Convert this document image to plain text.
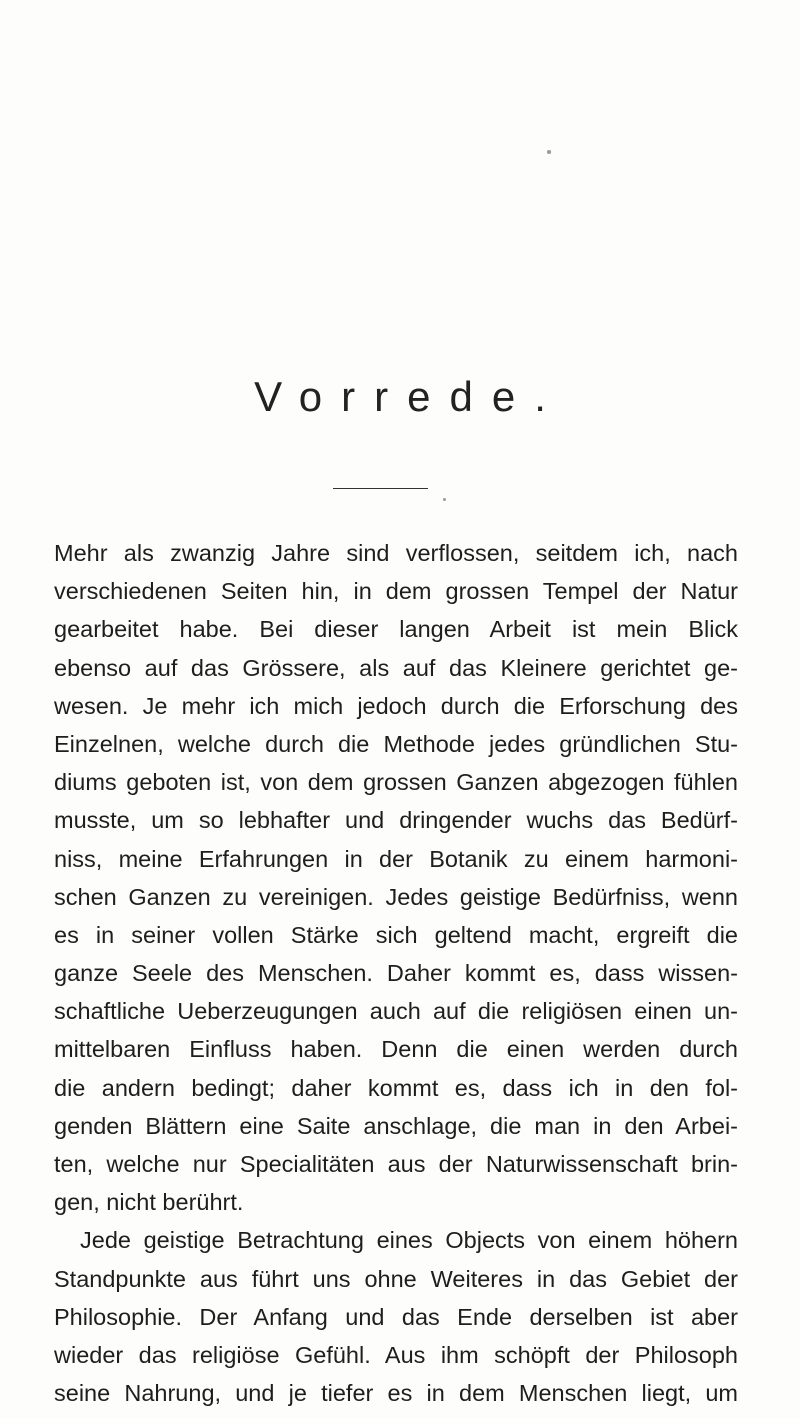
Vorrede.
Mehr als zwanzig Jahre sind verflossen, seitdem ich, nach
verschiedenen Seiten hin, in dem grossen Tempel der Natur
gearbeitet habe. Bei dieser langen Arbeit ist mein Blick
ebenso auf das Grössere, als auf das Kleinere gerichtet ge-
wesen. Je mehr ich mich jedoch durch die Erforschung des
Einzelnen, welche durch die Methode jedes gründlichen Stu-
diums geboten ist, von dem grossen Ganzen abgezogen fühlen
musste, um so lebhafter und dringender wuchs das Bedürf-
niss, meine Erfahrungen in der Botanik zu einem harmoni-
schen Ganzen zu vereinigen. Jedes geistige Bedürfniss, wenn
es in seiner vollen Stärke sich geltend macht, ergreift die
ganze Seele des Menschen. Daher kommt es, dass wissen-
schaftliche Ueberzeugungen auch auf die religiösen einen un-
mittelbaren Einfluss haben. Denn die einen werden durch
die andern bedingt; daher kommt es, dass ich in den fol-
genden Blättern eine Saite anschlage, die man in den Arbei-
ten, welche nur Specialitäten aus der Naturwissenschaft brin-
gen, nicht berührt.
Jede geistige Betrachtung eines Objects von einem höhern
Standpunkte aus führt uns ohne Weiteres in das Gebiet der
Philosophie. Der Anfang und das Ende derselben ist aber
wieder das religiöse Gefühl. Aus ihm schöpft der Philosoph
seine Nahrung, und je tiefer es in dem Menschen liegt, um
